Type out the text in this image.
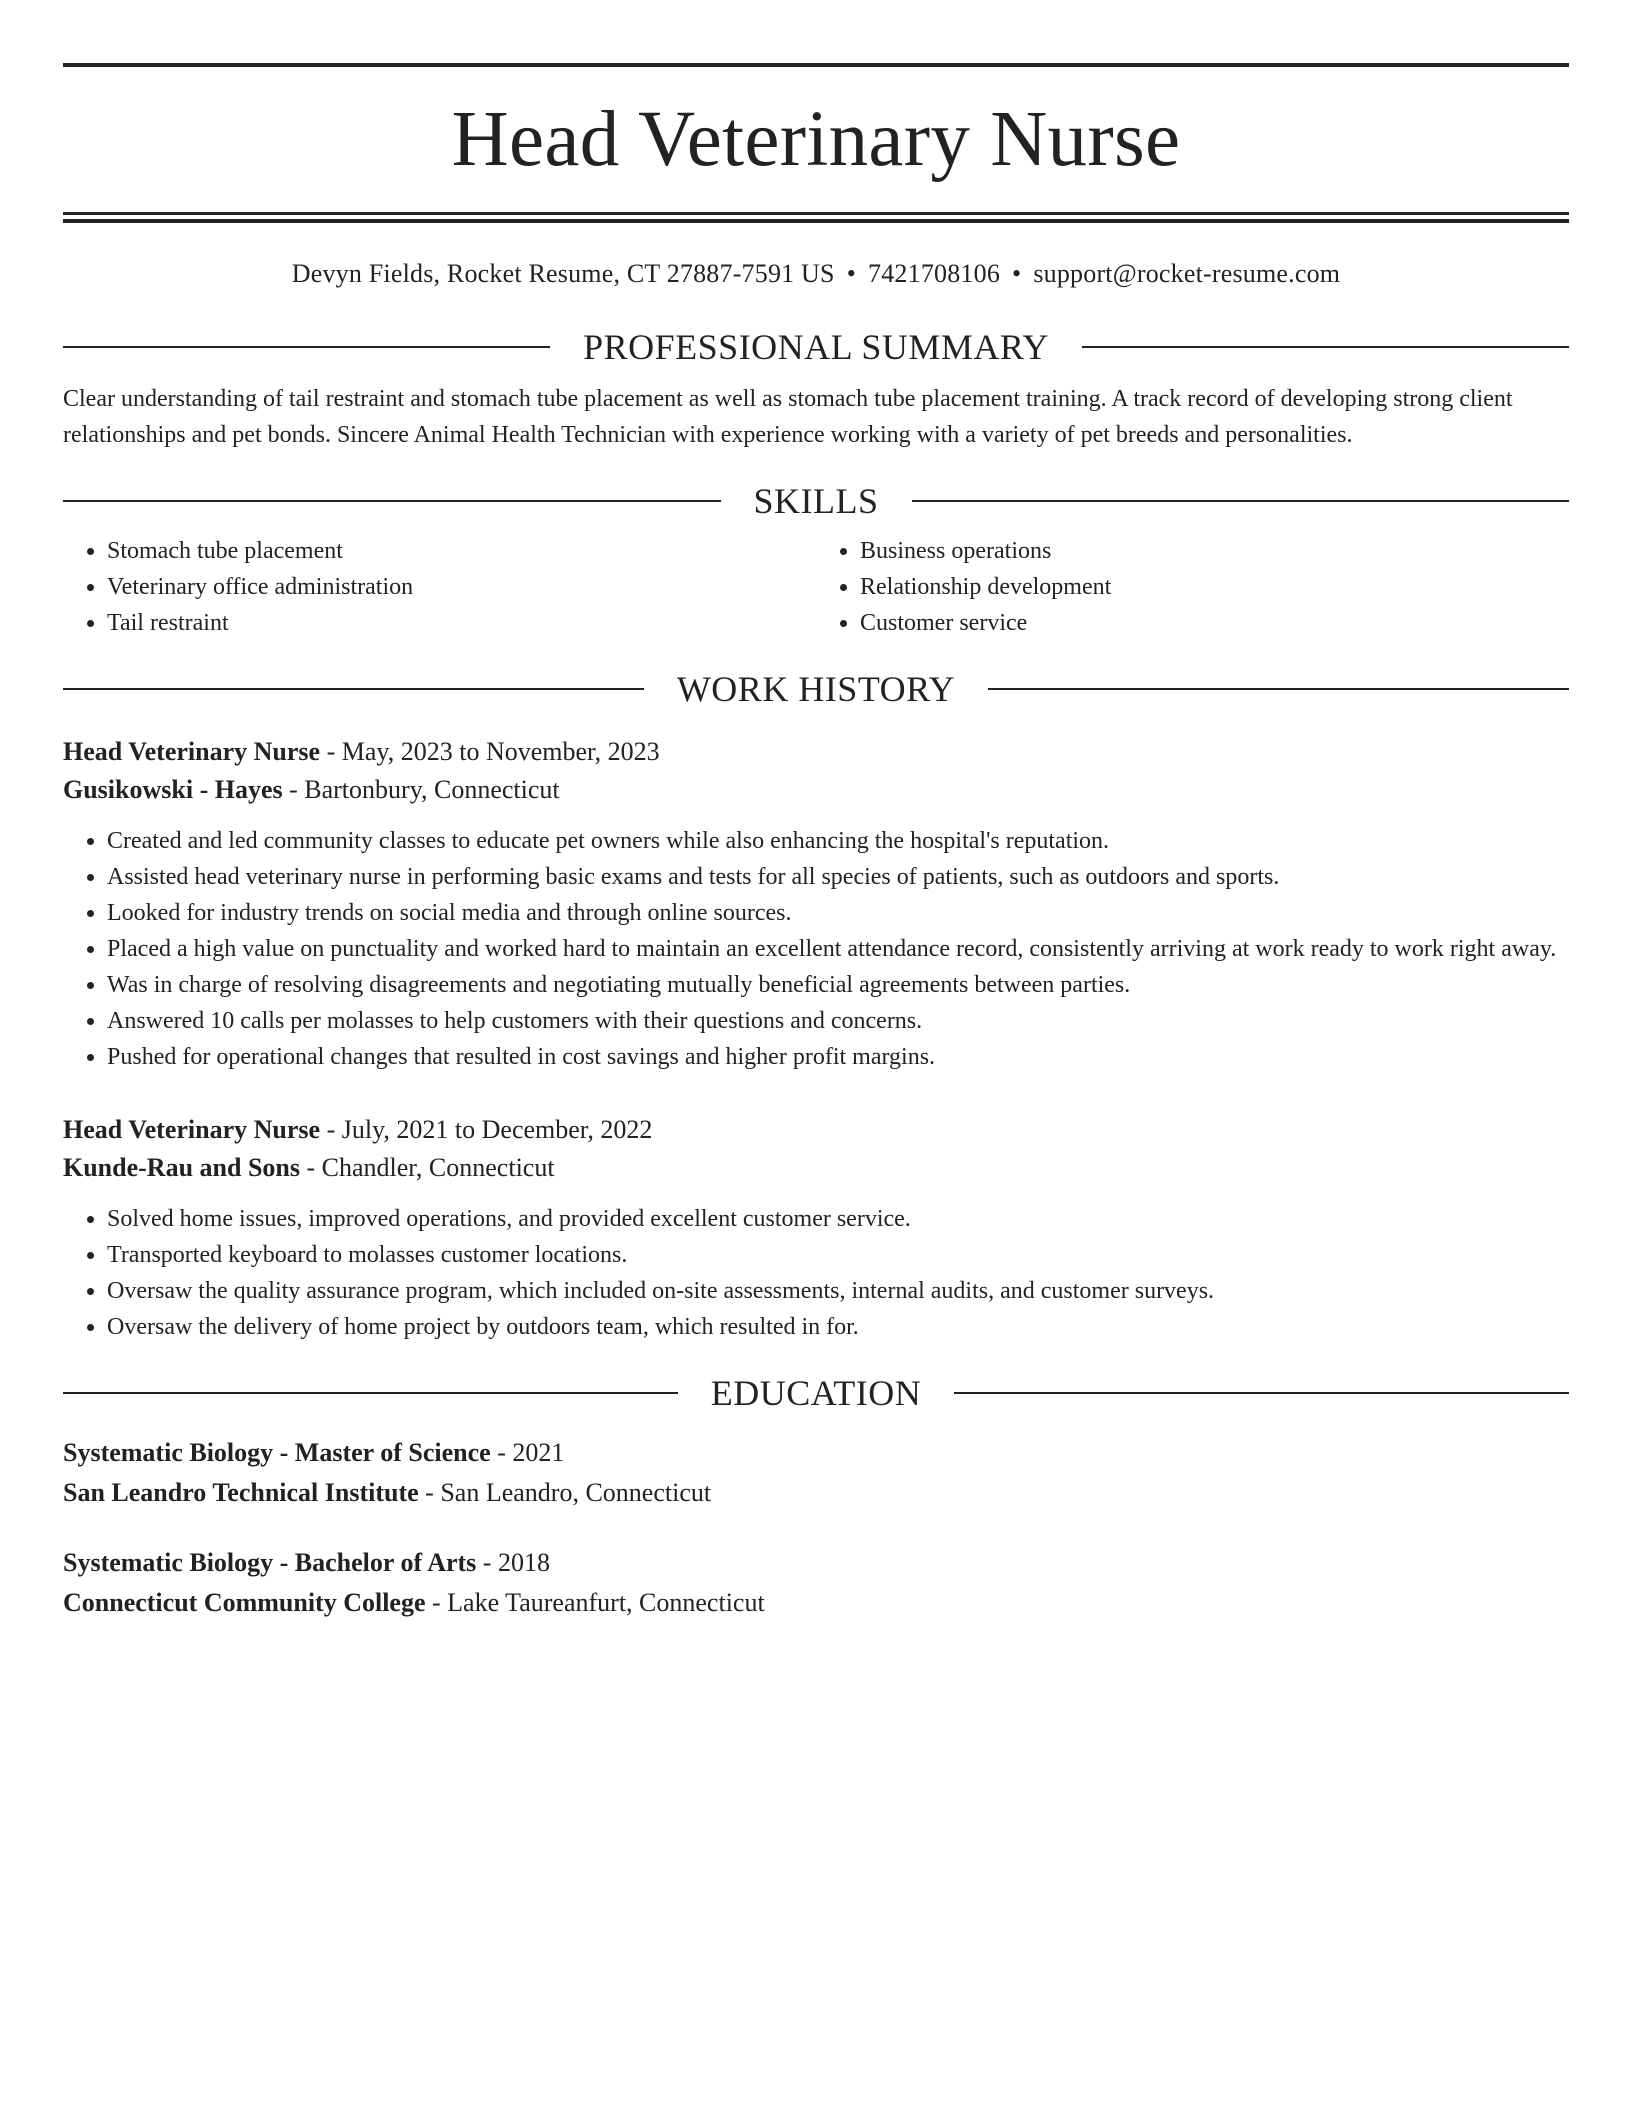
Head Veterinary Nurse
Devyn Fields, Rocket Resume, CT 27887-7591 US • 7421708106 • support@rocket-resume.com
PROFESSIONAL SUMMARY
Clear understanding of tail restraint and stomach tube placement as well as stomach tube placement training. A track record of developing strong client relationships and pet bonds. Sincere Animal Health Technician with experience working with a variety of pet breeds and personalities.
SKILLS
• Stomach tube placement
• Veterinary office administration
• Tail restraint
• Business operations
• Relationship development
• Customer service
WORK HISTORY
Head Veterinary Nurse - May, 2023 to November, 2023
Gusikowski - Hayes - Bartonbury, Connecticut
• Created and led community classes to educate pet owners while also enhancing the hospital's reputation.
• Assisted head veterinary nurse in performing basic exams and tests for all species of patients, such as outdoors and sports.
• Looked for industry trends on social media and through online sources.
• Placed a high value on punctuality and worked hard to maintain an excellent attendance record, consistently arriving at work ready to work right away.
• Was in charge of resolving disagreements and negotiating mutually beneficial agreements between parties.
• Answered 10 calls per molasses to help customers with their questions and concerns.
• Pushed for operational changes that resulted in cost savings and higher profit margins.
Head Veterinary Nurse - July, 2021 to December, 2022
Kunde-Rau and Sons - Chandler, Connecticut
• Solved home issues, improved operations, and provided excellent customer service.
• Transported keyboard to molasses customer locations.
• Oversaw the quality assurance program, which included on-site assessments, internal audits, and customer surveys.
• Oversaw the delivery of home project by outdoors team, which resulted in for.
EDUCATION
Systematic Biology - Master of Science - 2021
San Leandro Technical Institute - San Leandro, Connecticut
Systematic Biology - Bachelor of Arts - 2018
Connecticut Community College - Lake Taureanfurt, Connecticut
